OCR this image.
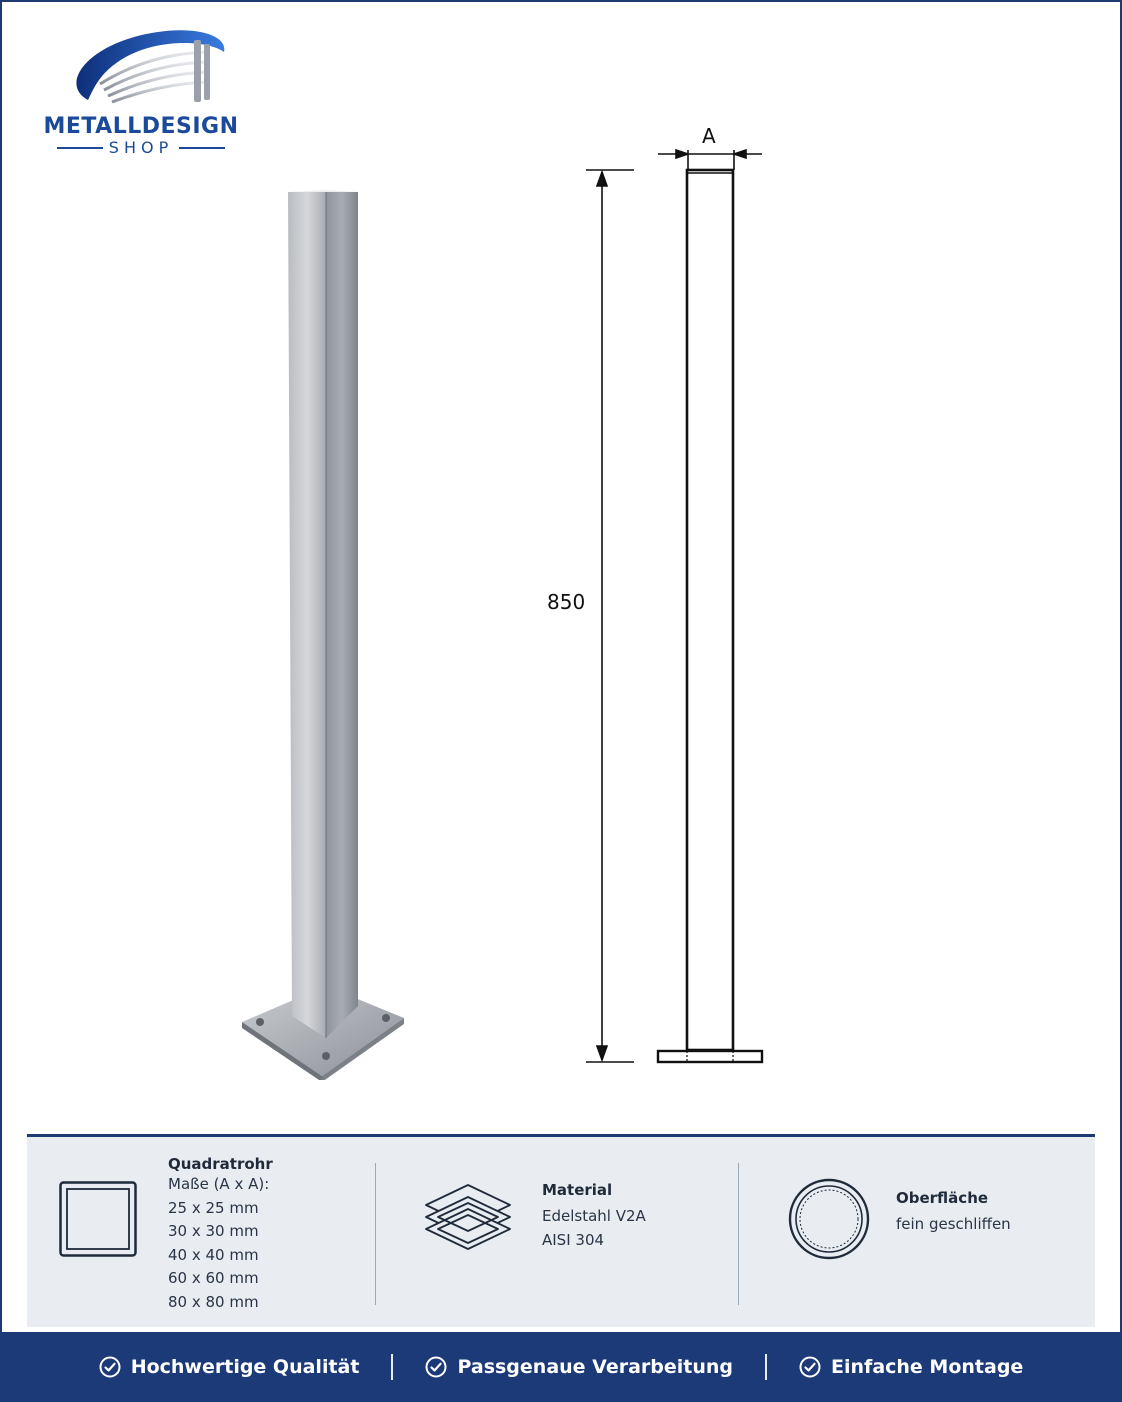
METALLDESIGN
SHOP
850
A
Quadratrohr
Maße (A x A):
25 x 25 mm
30 x 30 mm
40 x 40 mm
60 x 60 mm
80 x 80 mm
Material
Edelstahl V2A
AISI 304
Oberfläche
fein geschliffen
Hochwertige Qualität	Passgenaue Verarbeitung	Einfache Montage
